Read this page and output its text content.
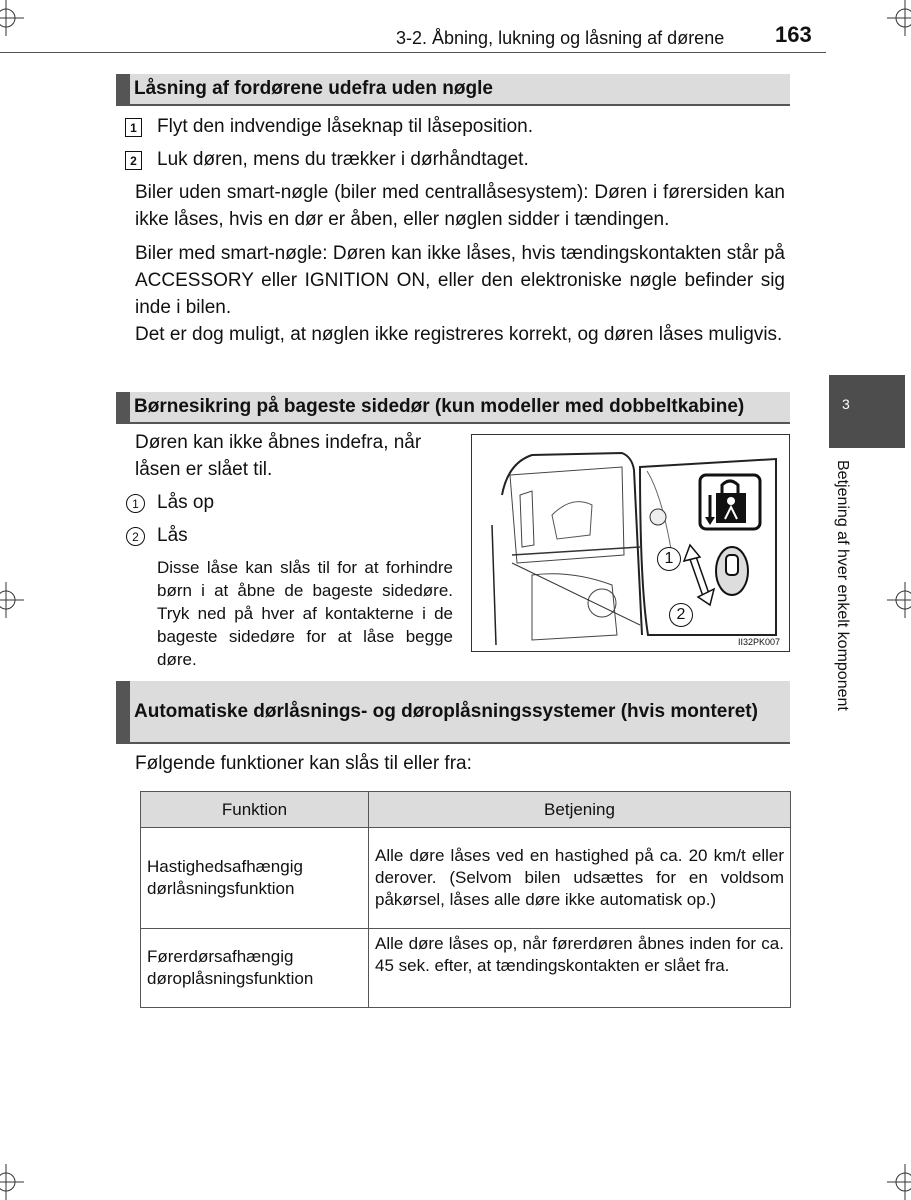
3-2. Åbning, lukning og låsning af dørene 163
3
Betjening af hver enkelt komponent
Låsning af fordørene udefra uden nøgle
1 Flyt den indvendige låseknap til låseposition.
2 Luk døren, mens du trækker i dørhåndtaget.
Biler uden smart-nøgle (biler med centrallåsesystem): Døren i førersiden kan ikke låses, hvis en dør er åben, eller nøglen sidder i tændingen.
Biler med smart-nøgle: Døren kan ikke låses, hvis tændingskontakten står på ACCESSORY eller IGNITION ON, eller den elektroniske nøgle befinder sig inde i bilen.
Det er dog muligt, at nøglen ikke registreres korrekt, og døren låses muligvis.
Børnesikring på bageste sidedør (kun modeller med dobbeltkabine)
Døren kan ikke åbnes indefra, når låsen er slået til.
1 Lås op
2 Lås
Disse låse kan slås til for at forhindre børn i at åbne de bageste sidedøre. Tryk ned på hver af kontakterne i de bageste sidedøre for at låse begge døre.
1
2
II32PK007
Automatiske dørlåsnings- og døroplåsningssystemer (hvis monteret)
Følgende funktioner kan slås til eller fra:
Funktion	Betjening
Hastighedsafhængig dørlåsningsfunktion	Alle døre låses ved en hastighed på ca. 20 km/t eller derover. (Selvom bilen udsættes for en voldsom påkørsel, låses alle døre ikke automatisk op.)
Førerdørsafhængig døroplåsningsfunktion	Alle døre låses op, når førerdøren åbnes inden for ca. 45 sek. efter, at tændingskontakten er slået fra.
